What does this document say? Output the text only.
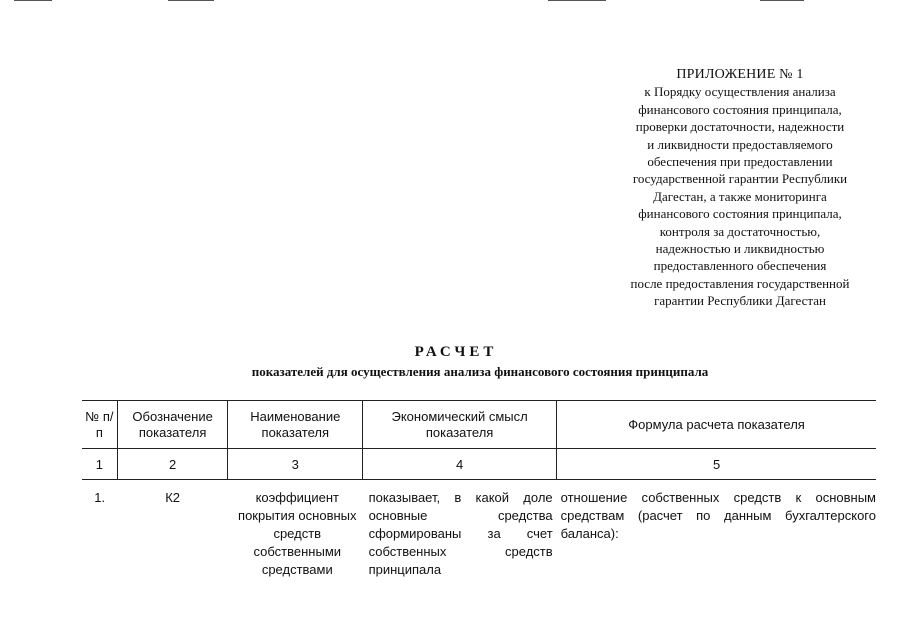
ПРИЛОЖЕНИЕ № 1
к Порядку осуществления анализа
финансового состояния принципала,
проверки достаточности, надежности
и ликвидности предоставляемого
обеспечения при предоставлении
государственной гарантии Республики
Дагестан, а также мониторинга
финансового состояния принципала,
контроля за достаточностью,
надежностью и ликвидностью
предоставленного обеспечения
после предоставления государственной
гарантии Республики Дагестан
РАСЧЕТ
показателей для осуществления анализа финансового состояния принципала
№ п/п	Обозначение показателя	Наименование показателя	Экономический смысл показателя	Формула расчета показателя
1	2	3	4	5
1.	К2	коэффициент покрытия основных средств собственными средствами	показывает, в какой доле основные средства сформированы за счет собственных средств принципала	отношение собственных средств к основным средствам (расчет по данным бухгалтерского баланса):
